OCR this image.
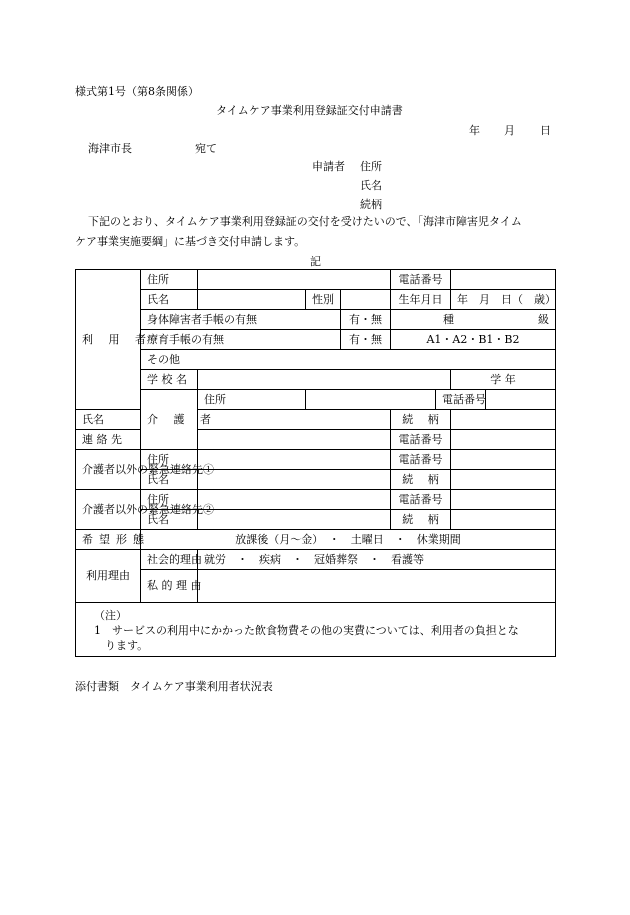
様式第1号（第8条関係）
タイムケア事業利用登録証交付申請書
年 月 日
海津市長	宛て
申請者 住所
氏名
続柄
下記のとおり、タイムケア事業利用登録証の交付を受けたいので、「海津市障害児タイム
ケア事業実施要綱」に基づき交付申請します。
記
利 用 者	住所				電話番号				
	氏名		性別		生年月日		年　月　日（　歳）		
	身体障害者手帳の有無			有・無	種 級				

	療育手帳の有無			有・無	A1・A2・B1・B2				
	その他								
	学 校 名						学 年		
	介 護 者	住所				電話番号			
氏名					続　 柄				
連 絡 先					電話番号				
介護者以外の緊急連絡先①	住所				電話番号				
	氏名				続　 柄				
介護者以外の緊急連絡先②	住所				電話番号				
	氏名				続　 柄				
希望形態	放課後（月～金）　・　土曜日　・　休業期間								
利用理由	社会的理由	就労　・　疾病　・　冠婚葬祭　・　看護等							
	私 的 理 由								

（注）
1　サービスの利用中にかかった飲食物費その他の実費については、利用者の負担とな
ります。									
添付書類　タイムケア事業利用者状況表
